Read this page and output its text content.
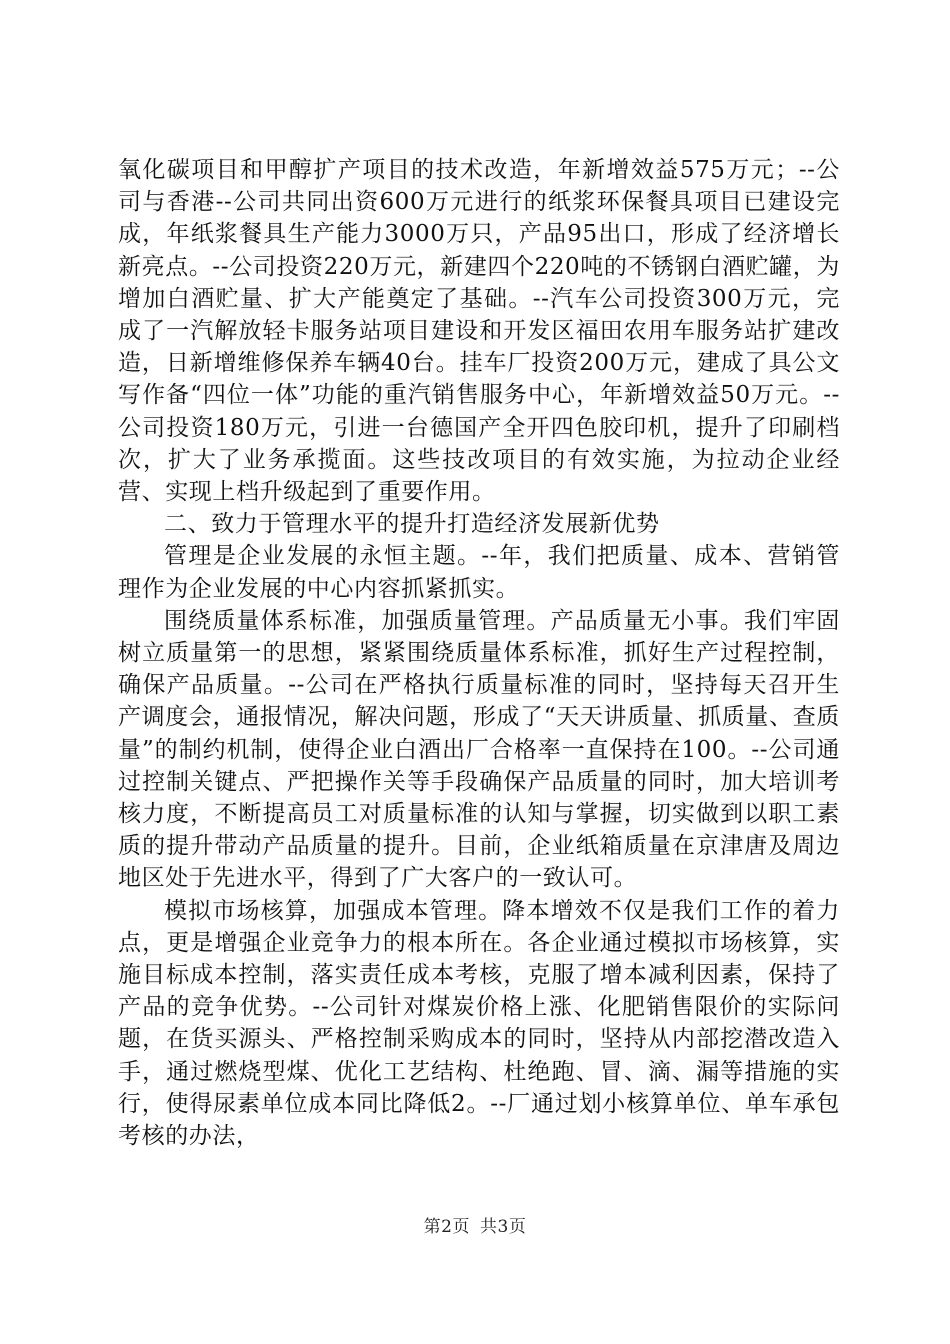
氧化碳项目和甲醇扩产项目的技术改造，年新增效益575万元；--公司与香港--公司共同出资600万元进行的纸浆环保餐具项目已建设完成，年纸浆餐具生产能力3000万只，产品95出口，形成了经济增长新亮点。--公司投资220万元，新建四个220吨的不锈钢白酒贮罐，为增加白酒贮量、扩大产能奠定了基础。--汽车公司投资300万元，完成了一汽解放轻卡服务站项目建设和开发区福田农用车服务站扩建改造，日新增维修保养车辆40台。挂车厂投资200万元，建成了具公文写作备“四位一体”功能的重汽销售服务中心，年新增效益50万元。--公司投资180万元，引进一台德国产全开四色胶印机，提升了印刷档次，扩大了业务承揽面。这些技改项目的有效实施，为拉动企业经营、实现上档升级起到了重要作用。

二、致力于管理水平的提升打造经济发展新优势

管理是企业发展的永恒主题。--年，我们把质量、成本、营销管理作为企业发展的中心内容抓紧抓实。

围绕质量体系标准，加强质量管理。产品质量无小事。我们牢固树立质量第一的思想，紧紧围绕质量体系标准，抓好生产过程控制，确保产品质量。--公司在严格执行质量标准的同时，坚持每天召开生产调度会，通报情况，解决问题，形成了“天天讲质量、抓质量、查质量”的制约机制，使得企业白酒出厂合格率一直保持在100。--公司通过控制关键点、严把操作关等手段确保产品质量的同时，加大培训考核力度，不断提高员工对质量标准的认知与掌握，切实做到以职工素质的提升带动产品质量的提升。目前，企业纸箱质量在京津唐及周边地区处于先进水平，得到了广大客户的一致认可。

模拟市场核算，加强成本管理。降本增效不仅是我们工作的着力点，更是增强企业竞争力的根本所在。各企业通过模拟市场核算，实施目标成本控制，落实责任成本考核，克服了增本减利因素，保持了产品的竞争优势。--公司针对煤炭价格上涨、化肥销售限价的实际问题，在货买源头、严格控制采购成本的同时，坚持从内部挖潜改造入手，通过燃烧型煤、优化工艺结构、杜绝跑、冒、滴、漏等措施的实行，使得尿素单位成本同比降低2。--厂通过划小核算单位、单车承包考核的办法，

第2页 共3页
